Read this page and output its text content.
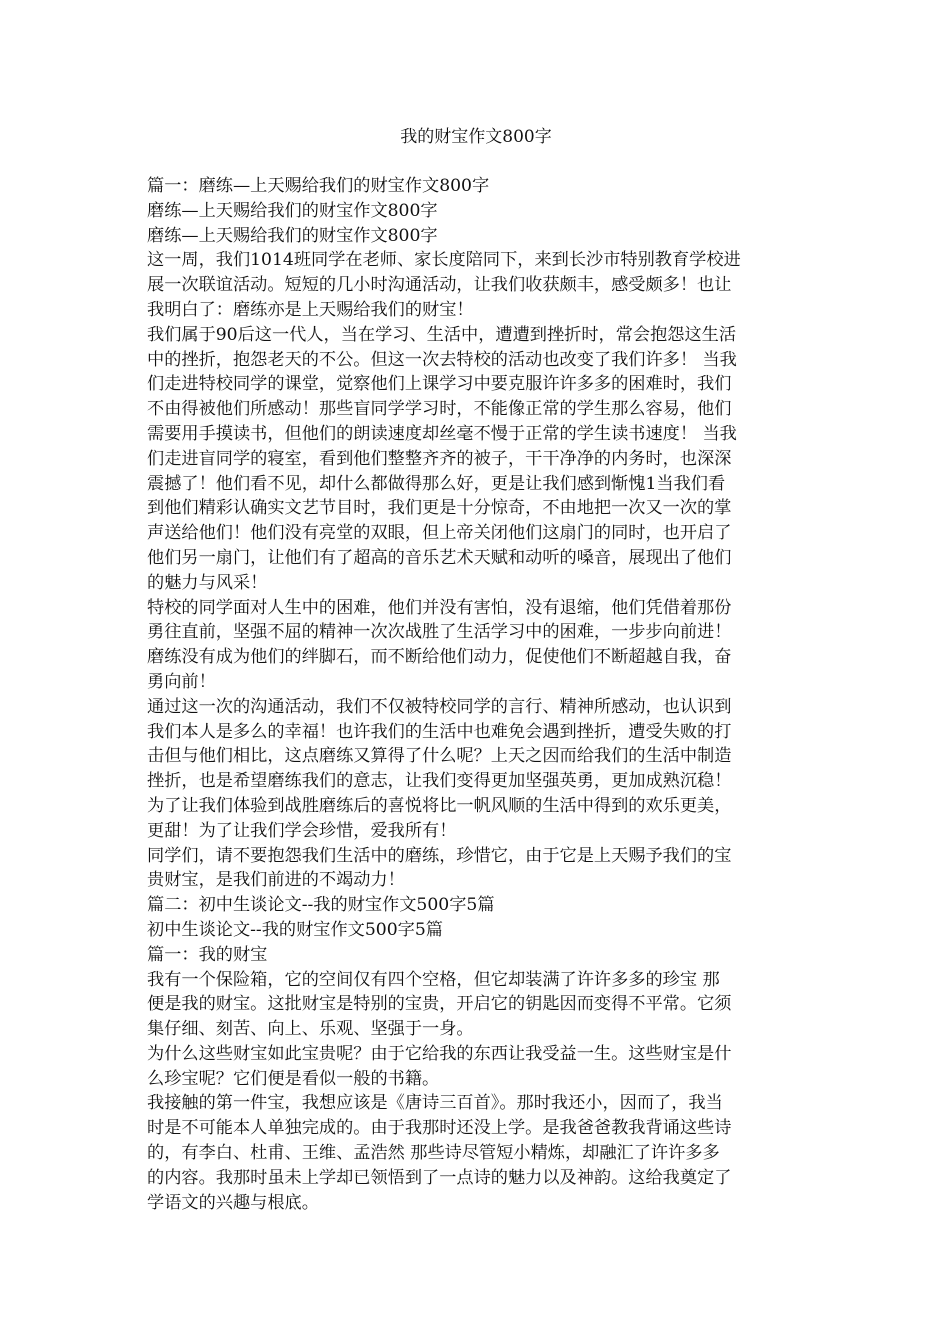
我的财宝作文800字
篇一：磨练—上天赐给我们的财宝作文800字
磨练—上天赐给我们的财宝作文800字
磨练—上天赐给我们的财宝作文800字
这一周，我们1014班同学在老师、家长度陪同下，来到长沙市特别教育学校进
展一次联谊活动。短短的几小时沟通活动，让我们收获颇丰，感受颇多！也让
我明白了：磨练亦是上天赐给我们的财宝！
我们属于90后这一代人，当在学习、生活中，遭遭到挫折时，常会抱怨这生活
中的挫折，抱怨老天的不公。但这一次去特校的活动也改变了我们许多！ 当我
们走进特校同学的课堂，觉察他们上课学习中要克服许许多多的困难时，我们
不由得被他们所感动！那些盲同学学习时，不能像正常的学生那么容易，他们
需要用手摸读书，但他们的朗读速度却丝毫不慢于正常的学生读书速度！ 当我
们走进盲同学的寝室，看到他们整整齐齐的被子，干干净净的内务时，也深深
震撼了！他们看不见，却什么都做得那么好，更是让我们感到惭愧1当我们看
到他们精彩认确实文艺节目时，我们更是十分惊奇，不由地把一次又一次的掌
声送给他们！他们没有亮堂的双眼，但上帝关闭他们这扇门的同时，也开启了
他们另一扇门，让他们有了超高的音乐艺术天赋和动听的嗓音，展现出了他们
的魅力与风采！
特校的同学面对人生中的困难，他们并没有害怕，没有退缩，他们凭借着那份
勇往直前，坚强不屈的精神一次次战胜了生活学习中的困难，一步步向前进！
磨练没有成为他们的绊脚石，而不断给他们动力，促使他们不断超越自我，奋
勇向前！
通过这一次的沟通活动，我们不仅被特校同学的言行、精神所感动，也认识到
我们本人是多么的幸福！也许我们的生活中也难免会遇到挫折，遭受失败的打
击但与他们相比，这点磨练又算得了什么呢？上天之因而给我们的生活中制造
挫折，也是希望磨练我们的意志，让我们变得更加坚强英勇，更加成熟沉稳！
为了让我们体验到战胜磨练后的喜悦将比一帆风顺的生活中得到的欢乐更美，
更甜！为了让我们学会珍惜，爱我所有！
同学们，请不要抱怨我们生活中的磨练，珍惜它，由于它是上天赐予我们的宝
贵财宝，是我们前进的不竭动力！
篇二：初中生谈论文--我的财宝作文500字5篇
初中生谈论文--我的财宝作文500字5篇
篇一：我的财宝
我有一个保险箱，它的空间仅有四个空格，但它却装满了许许多多的珍宝 那
便是我的财宝。这批财宝是特别的宝贵，开启它的钥匙因而变得不平常。它须
集仔细、刻苦、向上、乐观、坚强于一身。
为什么这些财宝如此宝贵呢？由于它给我的东西让我受益一生。这些财宝是什
么珍宝呢？它们便是看似一般的书籍。
我接触的第一件宝，我想应该是《唐诗三百首》。那时我还小，因而了，我当
时是不可能本人单独完成的。由于我那时还没上学。是我爸爸教我背诵这些诗
的，有李白、杜甫、王维、孟浩然 那些诗尽管短小精炼，却融汇了许许多多
的内容。我那时虽未上学却已领悟到了一点诗的魅力以及神韵。这给我奠定了
学语文的兴趣与根底。
